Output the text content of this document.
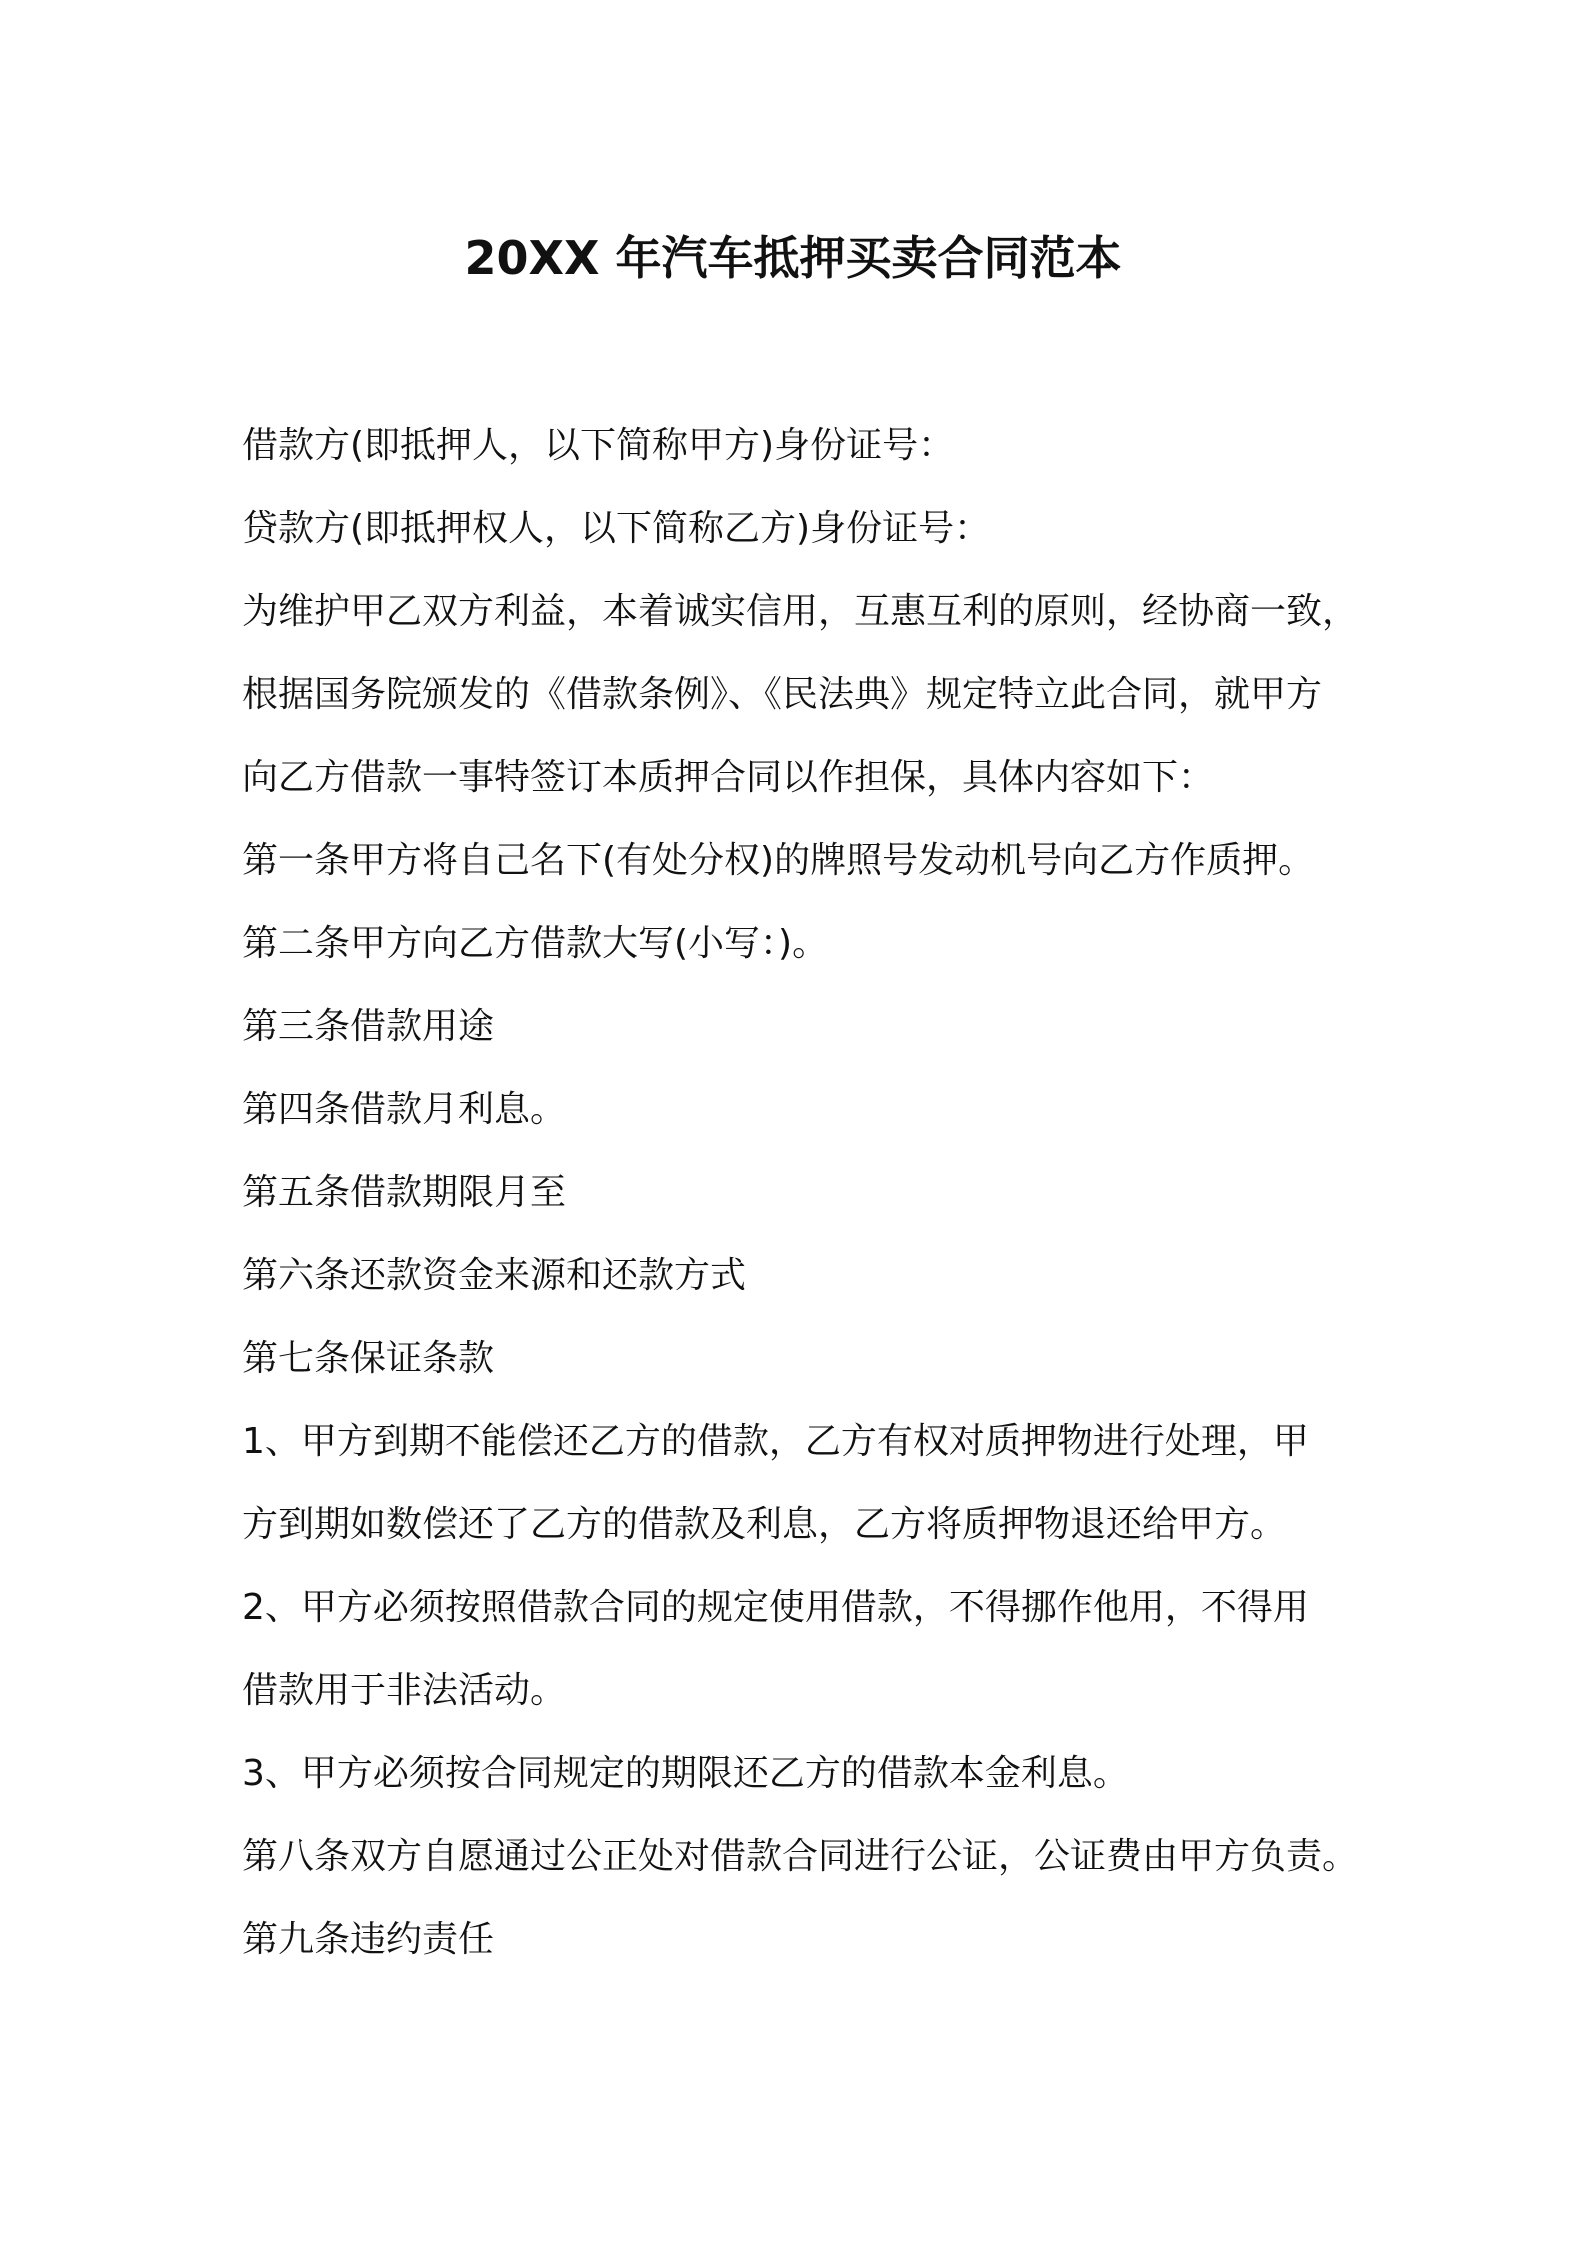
20XX 年汽车抵押买卖合同范本
借款方(即抵押人，以下简称甲方)身份证号：
贷款方(即抵押权人，以下简称乙方)身份证号：
为维护甲乙双方利益，本着诚实信用，互惠互利的原则，经协商一致，
根据国务院颁发的《借款条例》、《民法典》规定特立此合同，就甲方
向乙方借款一事特签订本质押合同以作担保，具体内容如下：
第一条甲方将自己名下(有处分权)的牌照号发动机号向乙方作质押。
第二条甲方向乙方借款大写(小写：)。
第三条借款用途
第四条借款月利息。
第五条借款期限月至
第六条还款资金来源和还款方式
第七条保证条款
1、甲方到期不能偿还乙方的借款，乙方有权对质押物进行处理，甲
方到期如数偿还了乙方的借款及利息，乙方将质押物退还给甲方。
2、甲方必须按照借款合同的规定使用借款，不得挪作他用，不得用
借款用于非法活动。
3、甲方必须按合同规定的期限还乙方的借款本金利息。
第八条双方自愿通过公正处对借款合同进行公证，公证费由甲方负责。
第九条违约责任
